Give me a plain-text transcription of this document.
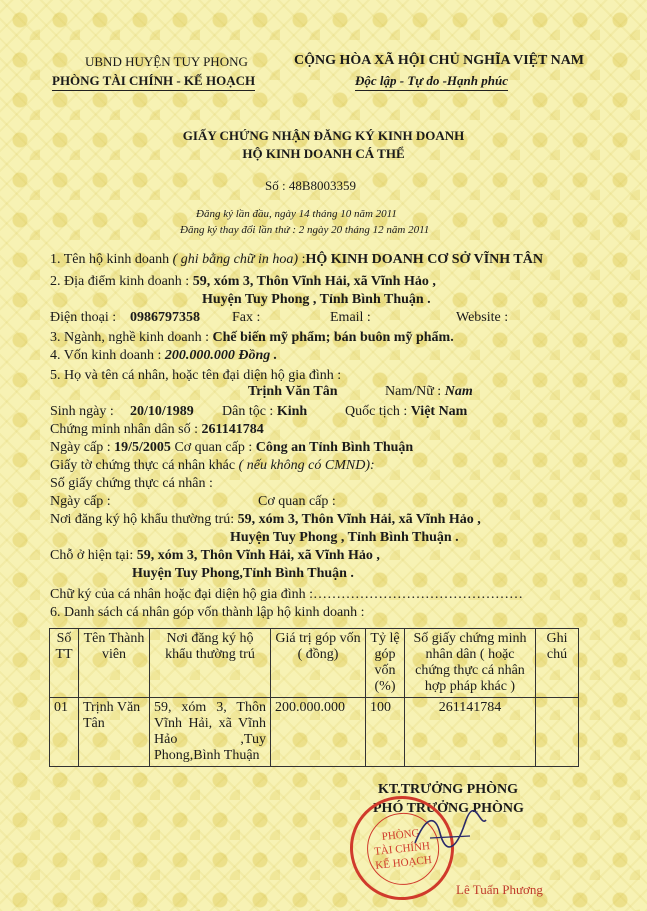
UBND HUYỆN TUY PHONG
PHÒNG TÀI CHÍNH - KẾ HOẠCH
CỘNG HÒA XÃ HỘI CHỦ NGHĨA VIỆT NAM
Độc lập - Tự do -Hạnh phúc
GIẤY CHỨNG NHẬN ĐĂNG KÝ KINH DOANH
HỘ KINH DOANH CÁ THỂ
Số : 48B8003359
Đăng ký lần đầu, ngày 14 tháng 10 năm 2011
Đăng ký thay đổi lần thứ : 2 ngày 20 tháng 12 năm 2011
1. Tên hộ kinh doanh ( ghi bằng chữ in hoa) :HỘ KINH DOANH CƠ SỞ VĨNH TÂN
2. Địa điểm kinh doanh : 59, xóm 3, Thôn Vĩnh Hải, xã Vĩnh Hảo ,
Huyện Tuy Phong , Tỉnh Bình Thuận .
Điện thoại : 0986797358 Fax :	Email :	Website :
3. Ngành, nghề kinh doanh : Chế biến mỹ phẩm; bán buôn mỹ phẩm.
4. Vốn kinh doanh : 200.000.000 Đồng .
5. Họ và tên cá nhân, hoặc tên đại diện hộ gia đình :
Trịnh Văn Tân	Nam/Nữ : Nam
Sinh ngày : 20/10/1989 Dân tộc : Kinh	Quốc tịch : Việt Nam
Chứng minh nhân dân số : 261141784
Ngày cấp : 19/5/2005 Cơ quan cấp : Công an Tỉnh Bình Thuận
Giấy tờ chứng thực cá nhân khác ( nếu không có CMND):
Số giấy chứng thực cá nhân :
Ngày cấp :	Cơ quan cấp :
Nơi đăng ký hộ khẩu thường trú: 59, xóm 3, Thôn Vĩnh Hải, xã Vĩnh Hảo ,
Huyện Tuy Phong , Tỉnh Bình Thuận .
Chỗ ở hiện tại: 59, xóm 3, Thôn Vĩnh Hải, xã Vĩnh Hảo ,
Huyện Tuy Phong,Tỉnh Bình Thuận .
Chữ ký của cá nhân hoặc đại diện hộ gia đình :………………………………………
6. Danh sách cá nhân góp vốn thành lập hộ kinh doanh :
Số TT	Tên Thành viên	Nơi đăng ký hộ khẩu thường trú	Giá trị góp vốn ( đồng)	Tỷ lệ góp vốn (%)	Số giấy chứng minh nhân dân ( hoặc chứng thực cá nhân hợp pháp khác )	Ghi chú
01	Trịnh Văn Tân	59, xóm 3, Thôn Vĩnh Hải, xã Vĩnh Hảo ,Tuy Phong,Bình Thuận	200.000.000	100	261141784	
KT.TRƯỞNG PHÒNG
PHÓ TRƯỞNG PHÒNG
PHÒNG
TÀI CHÍNH
KẾ HOẠCH
Lê Tuấn Phương
